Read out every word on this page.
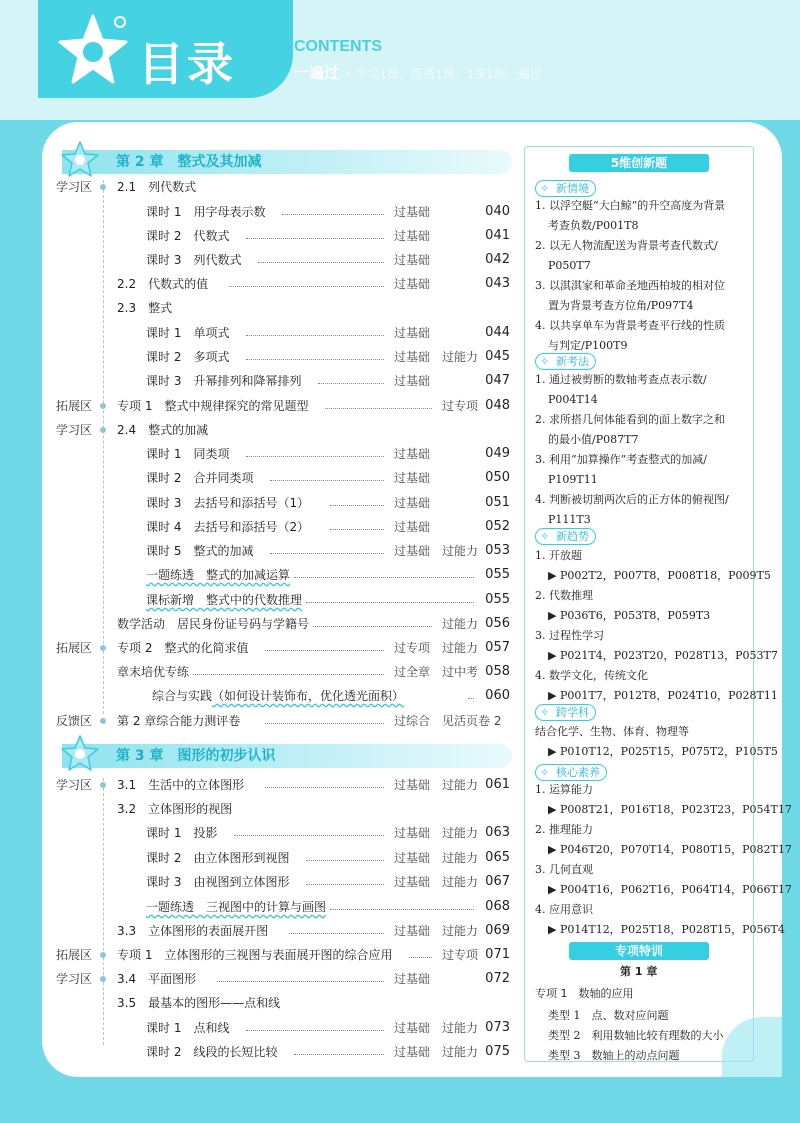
目录	CONTENTS
一遍过 » 学完1课，练透1课，1课1练一遍过
第 2 章　整式及其加减
学习区 2.1　列代数式
课时 1　用字母表示数	过基础	040
课时 2　代数式	过基础	041
课时 3　列代数式	过基础	042
2.2　代数式的值	过基础	043
2.3　整式
课时 1　单项式	过基础	044
课时 2　多项式	过基础 过能力 045
课时 3　升幂排列和降幂排列	过基础	047
拓展区 专项 1　整式中规律探究的常见题型	过专项 048
学习区 2.4　整式的加减
课时 1　同类项	过基础	049
课时 2　合并同类项	过基础	050
课时 3　去括号和添括号（1）	过基础	051
课时 4　去括号和添括号（2）	过基础	052
课时 5　整式的加减	过基础 过能力 053
一题练透　整式的加减运算	055
课标新增　整式中的代数推理	055
数学活动　居民身份证号码与学籍号	过能力 056
拓展区 专项 2　整式的化简求值	过专项 过能力 057
章末培优专练	过全章 过中考 058
综合与实践 （如何设计装饰布，优化透光面积）	060
反馈区 第 2 章综合能力测评卷	过综合 见活页卷 2
第 3 章　图形的初步认识
学习区 3.1　生活中的立体图形	过基础 过能力 061
3.2　立体图形的视图
课时 1　投影	过基础 过能力 063
课时 2　由立体图形到视图	过基础 过能力 065
课时 3　由视图到立体图形	过基础 过能力 067
一题练透　三视图中的计算与画图	068
3.3　立体图形的表面展开图	过基础 过能力 069
拓展区 专项 1　立体图形的三视图与表面展开图的综合应用	过专项 071
学习区 3.4　平面图形	过基础	072
3.5　最基本的图形——点和线
课时 1　点和线	过基础 过能力 073
课时 2　线段的长短比较	过基础 过能力 075
5维创新题
✧ 新情境
✧ 新考法
✧ 新趋势
✧ 跨学科
✧ 核心素养
1. 以浮空艇“大白鲸”的升空高度为背景
考查负数/P001T8
2. 以无人物流配送为背景考查代数式/
P050T7
3. 以淇淇家和革命圣地西柏坡的相对位
置为背景考查方位角/P097T4
4. 以共享单车为背景考查平行线的性质
与判定/P100T9
1. 通过被剪断的数轴考查点表示数/
P004T14
2. 求所搭几何体能看到的面上数字之和
的最小值/P087T7
3. 利用“加算操作”考查整式的加减/
P109T11
4. 判断被切割两次后的正方体的俯视图/
P111T3
1. 开放题
▶ P002T2，P007T8，P008T18，P009T5
2. 代数推理
▶ P036T6，P053T8，P059T3
3. 过程性学习
▶ P021T4，P023T20，P028T13，P053T7
4. 数学文化，传统文化
▶ P001T7，P012T8，P024T10，P028T11
结合化学、生物、体育、物理等
▶ P010T12，P025T15，P075T2，P105T5
1. 运算能力
▶ P008T21，P016T18，P023T23，P054T17
2. 推理能力
▶ P046T20，P070T14，P080T15，P082T17
3. 几何直观
▶ P004T16，P062T16，P064T14，P066T17
4. 应用意识
▶ P014T12，P025T18，P028T15，P056T4
专项特训
第 1 章
专项 1　数轴的应用
类型 1　点、数对应问题
类型 2　利用数轴比较有理数的大小
类型 3　数轴上的动点问题
